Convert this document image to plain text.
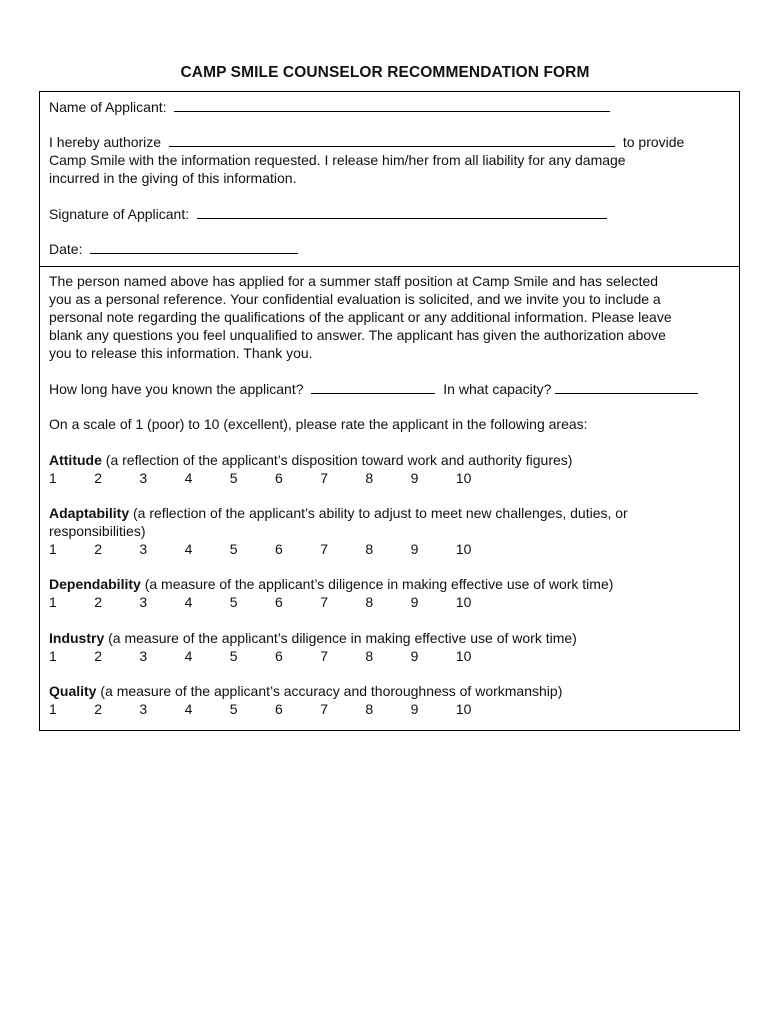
CAMP SMILE COUNSELOR RECOMMENDATION FORM
Name of Applicant:
I hereby authorize	to provide
Camp Smile with the information requested. I release him/her from all liability for any damage
incurred in the giving of this information.
Signature of Applicant:
Date:
The person named above has applied for a summer staff position at Camp Smile and has selected
you as a personal reference. Your confidential evaluation is solicited, and we invite you to include a
personal note regarding the qualifications of the applicant or any additional information. Please leave
blank any questions you feel unqualified to answer. The applicant has given the authorization above
you to release this information. Thank you.
How long have you known the applicant?	In what capacity?
On a scale of 1 (poor) to 10 (excellent), please rate the applicant in the following areas:
Attitude (a reflection of the applicant’s disposition toward work and authority figures)
1	2	3	4	5	6	7	8	9	10
Adaptability (a reflection of the applicant’s ability to adjust to meet new challenges, duties, or
responsibilities)
1	2	3	4	5	6	7	8	9	10
Dependability (a measure of the applicant’s diligence in making effective use of work time)
1	2	3	4	5	6	7	8	9	10
Industry (a measure of the applicant’s diligence in making effective use of work time)
1	2	3	4	5	6	7	8	9	10
Quality (a measure of the applicant’s accuracy and thoroughness of workmanship)
1	2	3	4	5	6	7	8	9	10
